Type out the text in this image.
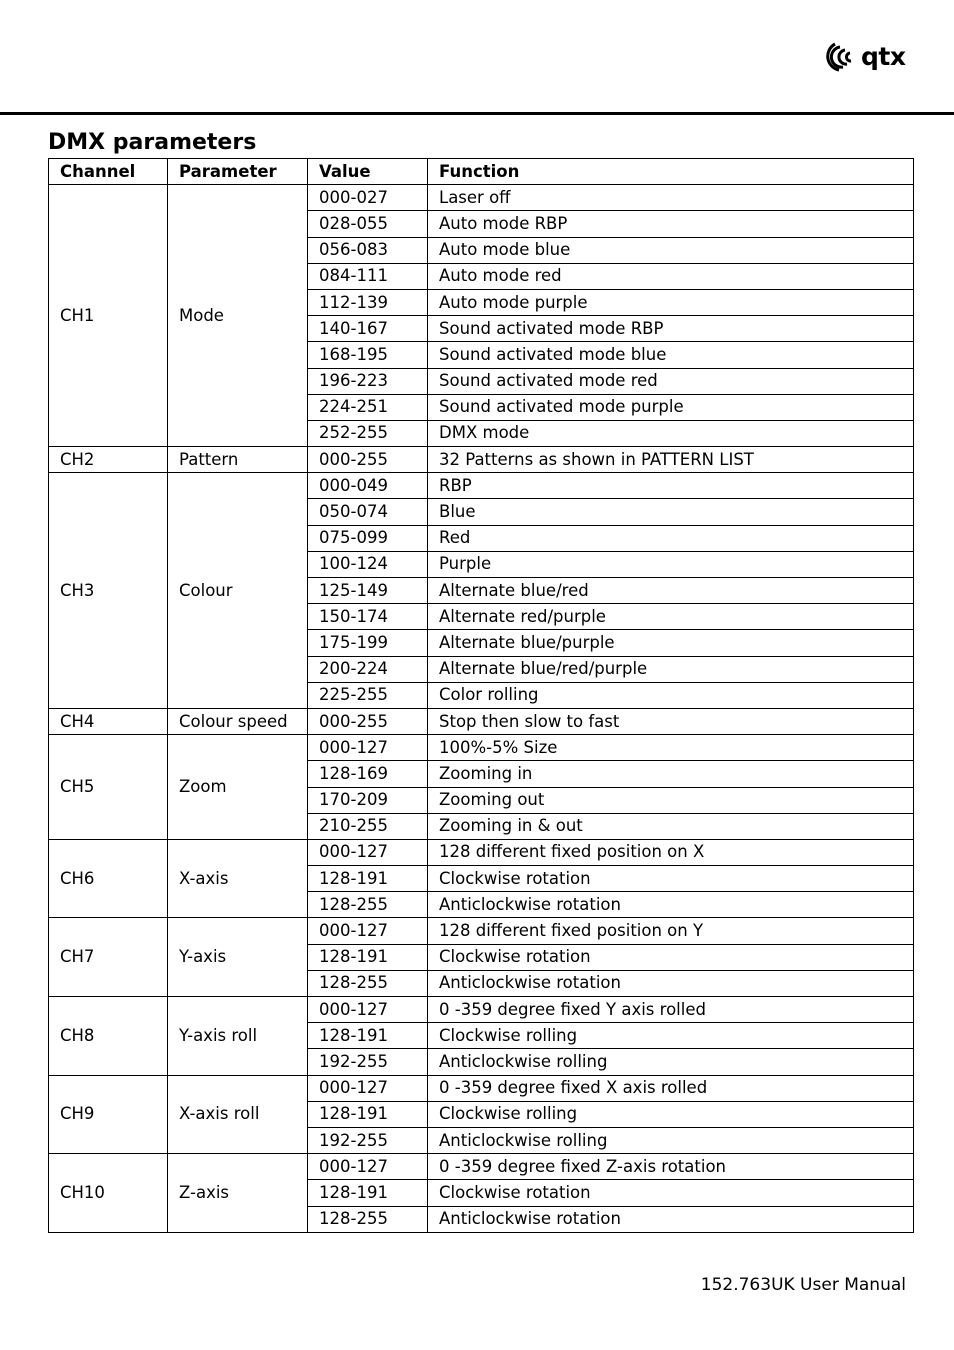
qtx
DMX parameters
Channel	Parameter	Value	Function
CH1	Mode	000-027	Laser off
		028-055	Auto mode RBP
		056-083	Auto mode blue
		084-111	Auto mode red
		112-139	Auto mode purple
		140-167	Sound activated mode RBP
		168-195	Sound activated mode blue
		196-223	Sound activated mode red
		224-251	Sound activated mode purple
		252-255	DMX mode
CH2	Pattern	000-255	32 Patterns as shown in PATTERN LIST
CH3	Colour	000-049	RBP
		050-074	Blue
		075-099	Red
		100-124	Purple
		125-149	Alternate blue/red
		150-174	Alternate red/purple
		175-199	Alternate blue/purple
		200-224	Alternate blue/red/purple
		225-255	Color rolling
CH4	Colour speed	000-255	Stop then slow to fast
CH5	Zoom	000-127	100%-5% Size
		128-169	Zooming in
		170-209	Zooming out
		210-255	Zooming in & out
CH6	X-axis	000-127	128 different fixed position on X
		128-191	Clockwise rotation
		128-255	Anticlockwise rotation
CH7	Y-axis	000-127	128 different fixed position on Y
		128-191	Clockwise rotation
		128-255	Anticlockwise rotation
CH8	Y-axis roll	000-127	0 -359 degree fixed Y axis rolled
		128-191	Clockwise rolling
		192-255	Anticlockwise rolling
CH9	X-axis roll	000-127	0 -359 degree fixed X axis rolled
		128-191	Clockwise rolling
		192-255	Anticlockwise rolling
CH10	Z-axis	000-127	0 -359 degree fixed Z-axis rotation
		128-191	Clockwise rotation
		128-255	Anticlockwise rotation
152.763UK User Manual
